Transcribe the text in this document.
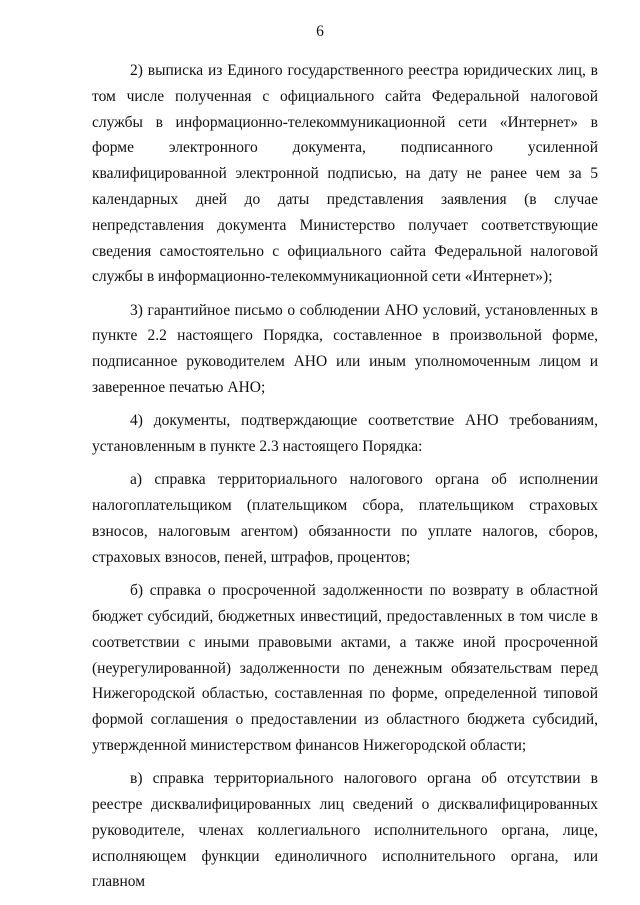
6

2) выписка из Единого государственного реестра юридических лиц, в том числе полученная с официального сайта Федеральной налоговой службы в информационно-телекоммуникационной сети «Интернет» в форме электронного документа, подписанного усиленной квалифицированной электронной подписью, на дату не ранее чем за 5 календарных дней до даты представления заявления (в случае непредставления документа Министерство получает соответствующие сведения самостоятельно с официального сайта Федеральной налоговой службы в информационно-телекоммуникационной сети «Интернет»);

3) гарантийное письмо о соблюдении АНО условий, установленных в пункте 2.2 настоящего Порядка, составленное в произвольной форме, подписанное руководителем АНО или иным уполномоченным лицом и заверенное печатью АНО;

4) документы, подтверждающие соответствие АНО требованиям, установленным в пункте 2.3 настоящего Порядка:

а) справка территориального налогового органа об исполнении налогоплательщиком (плательщиком сбора, плательщиком страховых взносов, налоговым агентом) обязанности по уплате налогов, сборов, страховых взносов, пеней, штрафов, процентов;

б) справка о просроченной задолженности по возврату в областной бюджет субсидий, бюджетных инвестиций, предоставленных в том числе в соответствии с иными правовыми актами, а также иной просроченной (неурегулированной) задолженности по денежным обязательствам перед Нижегородской областью, составленная по форме, определенной типовой формой соглашения о предоставлении из областного бюджета субсидий, утвержденной министерством финансов Нижегородской области;

в) справка территориального налогового органа об отсутствии в реестре дисквалифицированных лиц сведений о дисквалифицированных руководителе, членах коллегиального исполнительного органа, лице, исполняющем функции единоличного исполнительного органа, или главном
